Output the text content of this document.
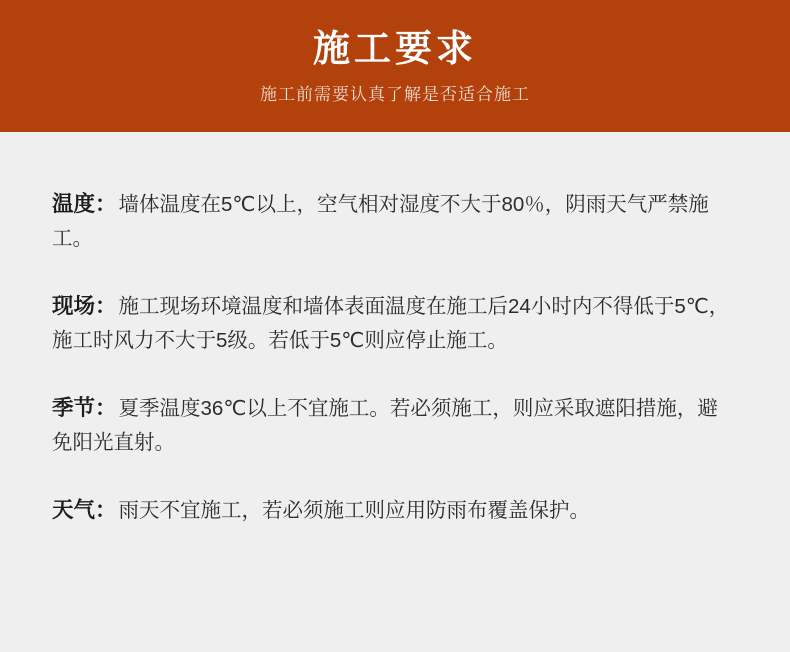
施工要求
施工前需要认真了解是否适合施工

温度：墙体温度在5℃以上，空气相对湿度不大于80％，阴雨天气严禁施工。

现场：施工现场环境温度和墙体表面温度在施工后24小时内不得低于5℃，施工时风力不大于5级。若低于5℃则应停止施工。

季节：夏季温度36℃以上不宜施工。若必须施工，则应采取遮阳措施，避免阳光直射。

天气：雨天不宜施工，若必须施工则应用防雨布覆盖保护。
